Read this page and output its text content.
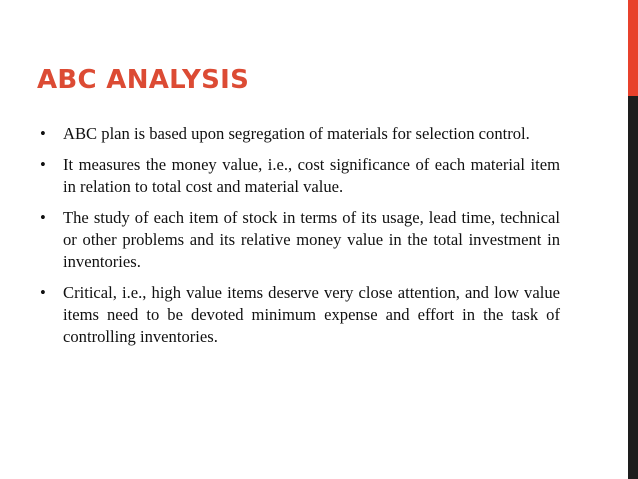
ABC ANALYSIS
• ABC plan is based upon segregation of materials for selection control.
• It measures the money value, i.e., cost significance of each material item in relation to total cost and material value.
• The study of each item of stock in terms of its usage, lead time, technical or other problems and its relative money value in the total investment in inventories.
• Critical, i.e., high value items deserve very close attention, and low value items need to be devoted minimum expense and effort in the task of controlling inventories.
